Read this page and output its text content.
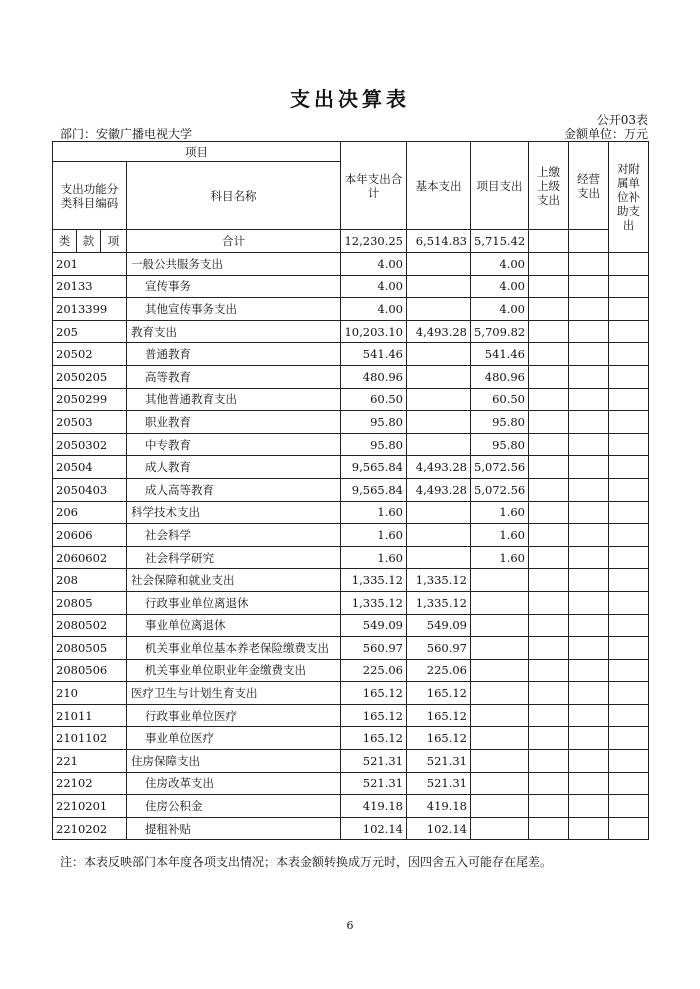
支出决算表
公开03表
部门：安徽广播电视大学	金额单位：万元
项目				本年支出合计	基本支出	项目支出	上缴上级支出	经营支出	对附属单位补助支出
支出功能分类科目编码			科目名称						
类	款	项	合计	12,230.25	6,514.83	5,715.42			
201			一般公共服务支出	4.00		4.00			
20133			宣传事务	4.00		4.00			
2013399			其他宣传事务支出	4.00		4.00			
205			教育支出	10,203.10	4,493.28	5,709.82			
20502			普通教育	541.46		541.46			
2050205			高等教育	480.96		480.96			
2050299			其他普通教育支出	60.50		60.50			
20503			职业教育	95.80		95.80			
2050302			中专教育	95.80		95.80			
20504			成人教育	9,565.84	4,493.28	5,072.56			
2050403			成人高等教育	9,565.84	4,493.28	5,072.56			
206			科学技术支出	1.60		1.60			
20606			社会科学	1.60		1.60			
2060602			社会科学研究	1.60		1.60			
208			社会保障和就业支出	1,335.12	1,335.12				
20805			行政事业单位离退休	1,335.12	1,335.12				
2080502			事业单位离退休	549.09	549.09				
2080505			机关事业单位基本养老保险缴费支出	560.97	560.97				
2080506			机关事业单位职业年金缴费支出	225.06	225.06				
210			医疗卫生与计划生育支出	165.12	165.12				
21011			行政事业单位医疗	165.12	165.12				
2101102			事业单位医疗	165.12	165.12				
221			住房保障支出	521.31	521.31				
22102			住房改革支出	521.31	521.31				
2210201			住房公积金	419.18	419.18				
2210202			提租补贴	102.14	102.14				
注：本表反映部门本年度各项支出情况；本表金额转换成万元时，因四舍五入可能存在尾差。
6
